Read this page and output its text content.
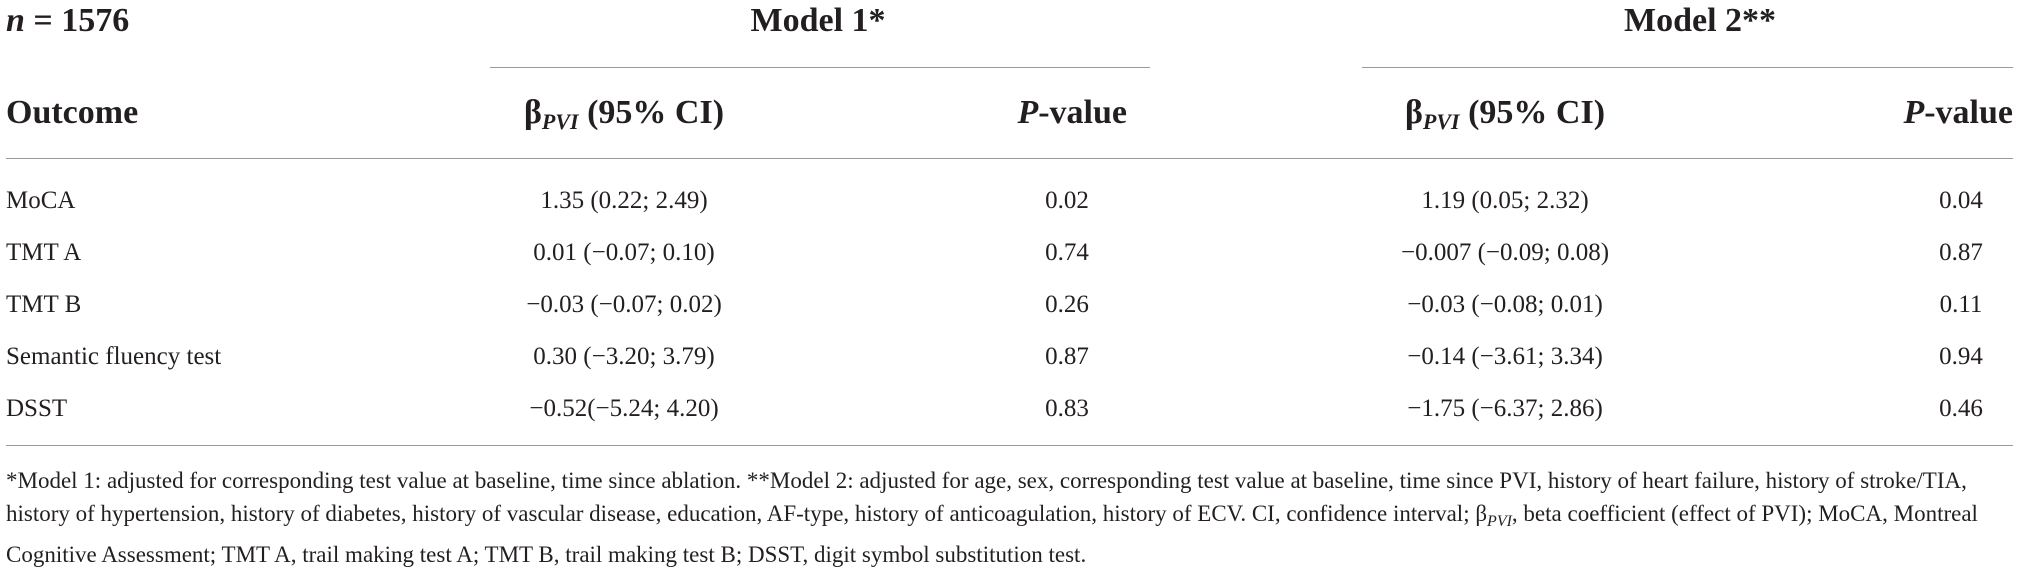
n = 1576	Model 1*	Model 2**
Outcome	$\beta_{PVI}$ (95% CI)	P-value	$\beta_{PVI}$ (95% CI)	P-value
MoCA	1.35 (0.22; 2.49)	0.02	1.19 (0.05; 2.32)	0.04
TMT A	0.01 (−0.07; 0.10)	0.74	−0.007 (−0.09; 0.08)	0.87
TMT B	−0.03 (−0.07; 0.02)	0.26	−0.03 (−0.08; 0.01)	0.11
Semantic fluency test	0.30 (−3.20; 3.79)	0.87	−0.14 (−3.61; 3.34)	0.94
DSST	−0.52(−5.24; 4.20)	0.83	−1.75 (−6.37; 2.86)	0.46
*Model 1: adjusted for corresponding test value at baseline, time since ablation. **Model 2: adjusted for age, sex, corresponding test value at baseline, time since PVI, history of heart failure, history of stroke/TIA, history of hypertension, history of diabetes, history of vascular disease, education, AF-type, history of anticoagulation, history of ECV. CI, confidence interval; $\beta_{PVI}$, beta coefficient (effect of PVI); MoCA, Montreal Cognitive Assessment; TMT A, trail making test A; TMT B, trail making test B; DSST, digit symbol substitution test.
